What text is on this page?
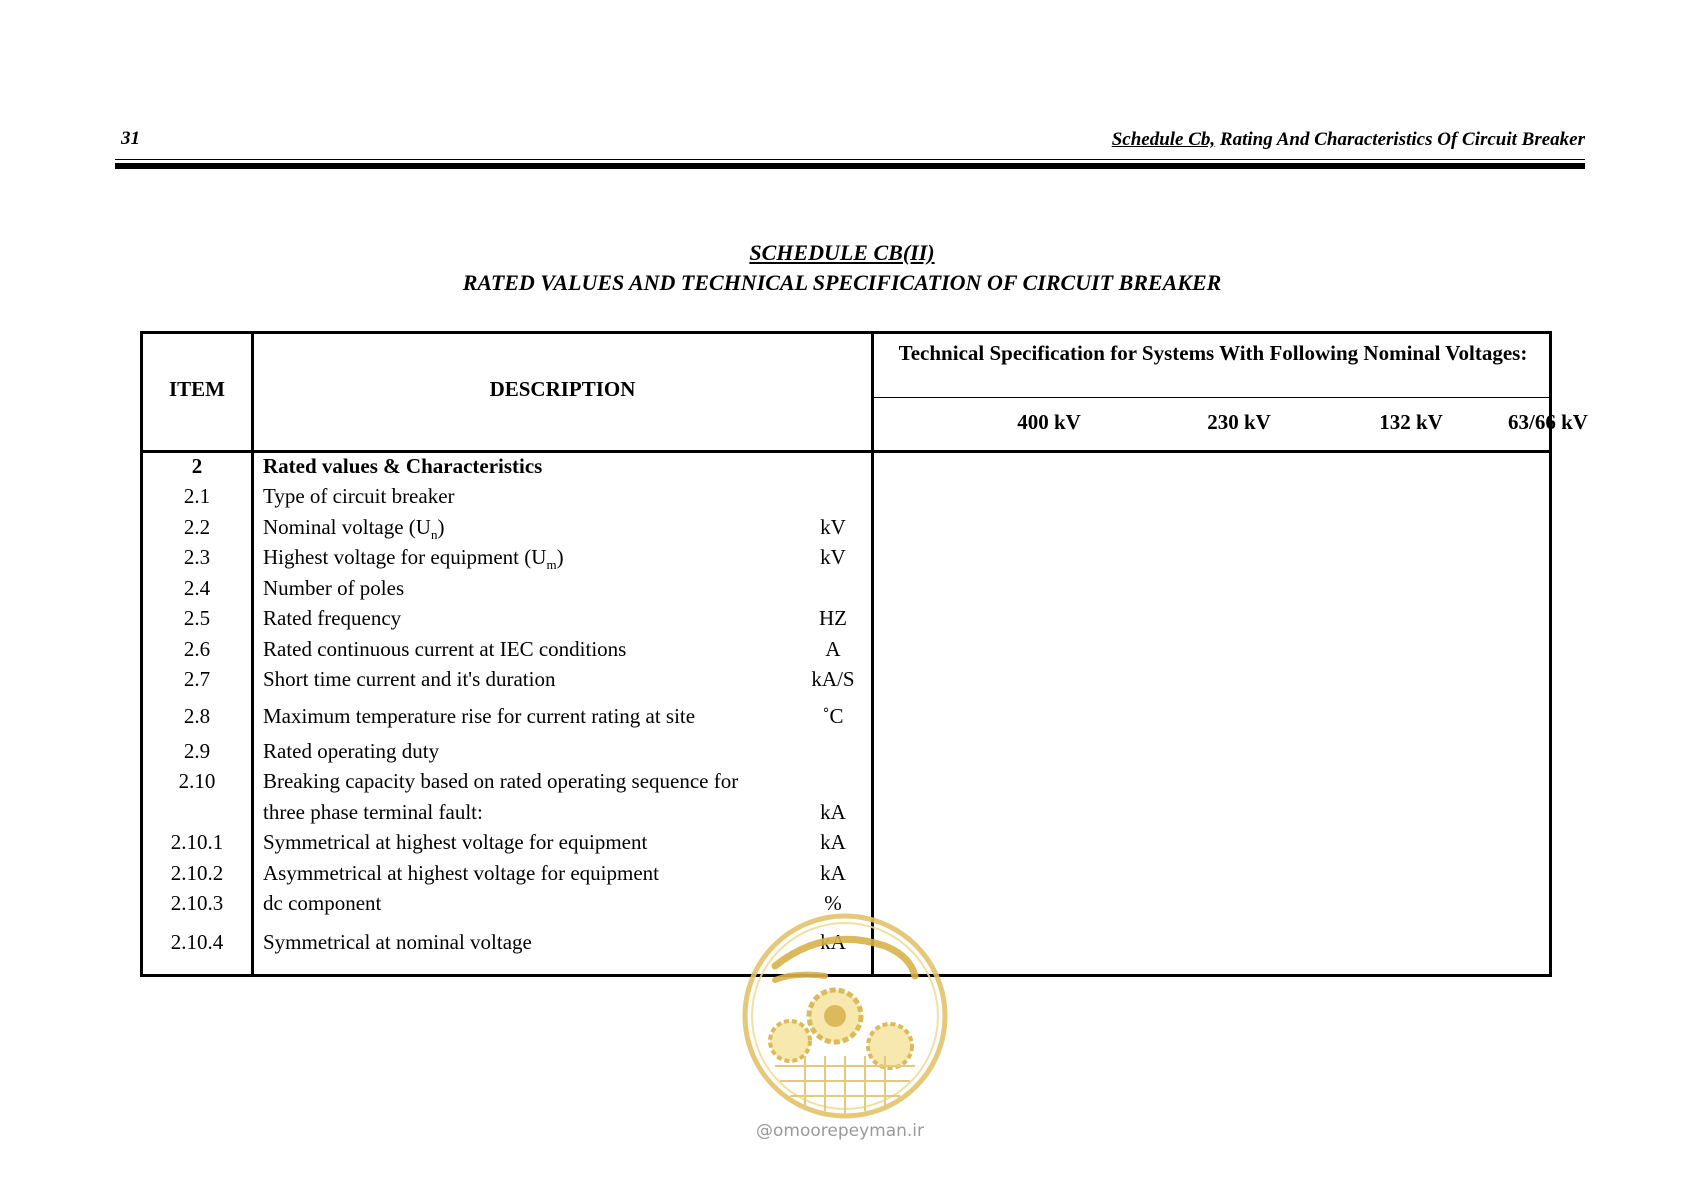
31	Schedule Cb, Rating And Characteristics Of Circuit Breaker
SCHEDULE CB(II)
RATED VALUES AND TECHNICAL SPECIFICATION OF CIRCUIT BREAKER
ITEM	DESCRIPTION
Technical Specification for Systems With Following Nominal Voltages:
400 kV	230 kV	132 kV	63/66 kV
2	Rated values & Characteristics
2.1	Type of circuit breaker
2.2	Nominal voltage $(U_n)$	kV
2.3	Highest voltage for equipment $(U_m)$	kV
2.4	Number of poles
2.5	Rated frequency	HZ
2.6	Rated continuous current at IEC conditions	A
2.7	Short time current and it's duration	kA/S
2.8	Maximum temperature rise for current rating at site	˚C
2.9	Rated operating duty
2.10	Breaking capacity based on rated operating sequence for
three phase terminal fault:	kA
2.10.1	Symmetrical at highest voltage for equipment	kA
2.10.2	Asymmetrical at highest voltage for equipment	kA
2.10.3	dc component	%
2.10.4	Symmetrical at nominal voltage	kA
@omoorepeyman.ir
